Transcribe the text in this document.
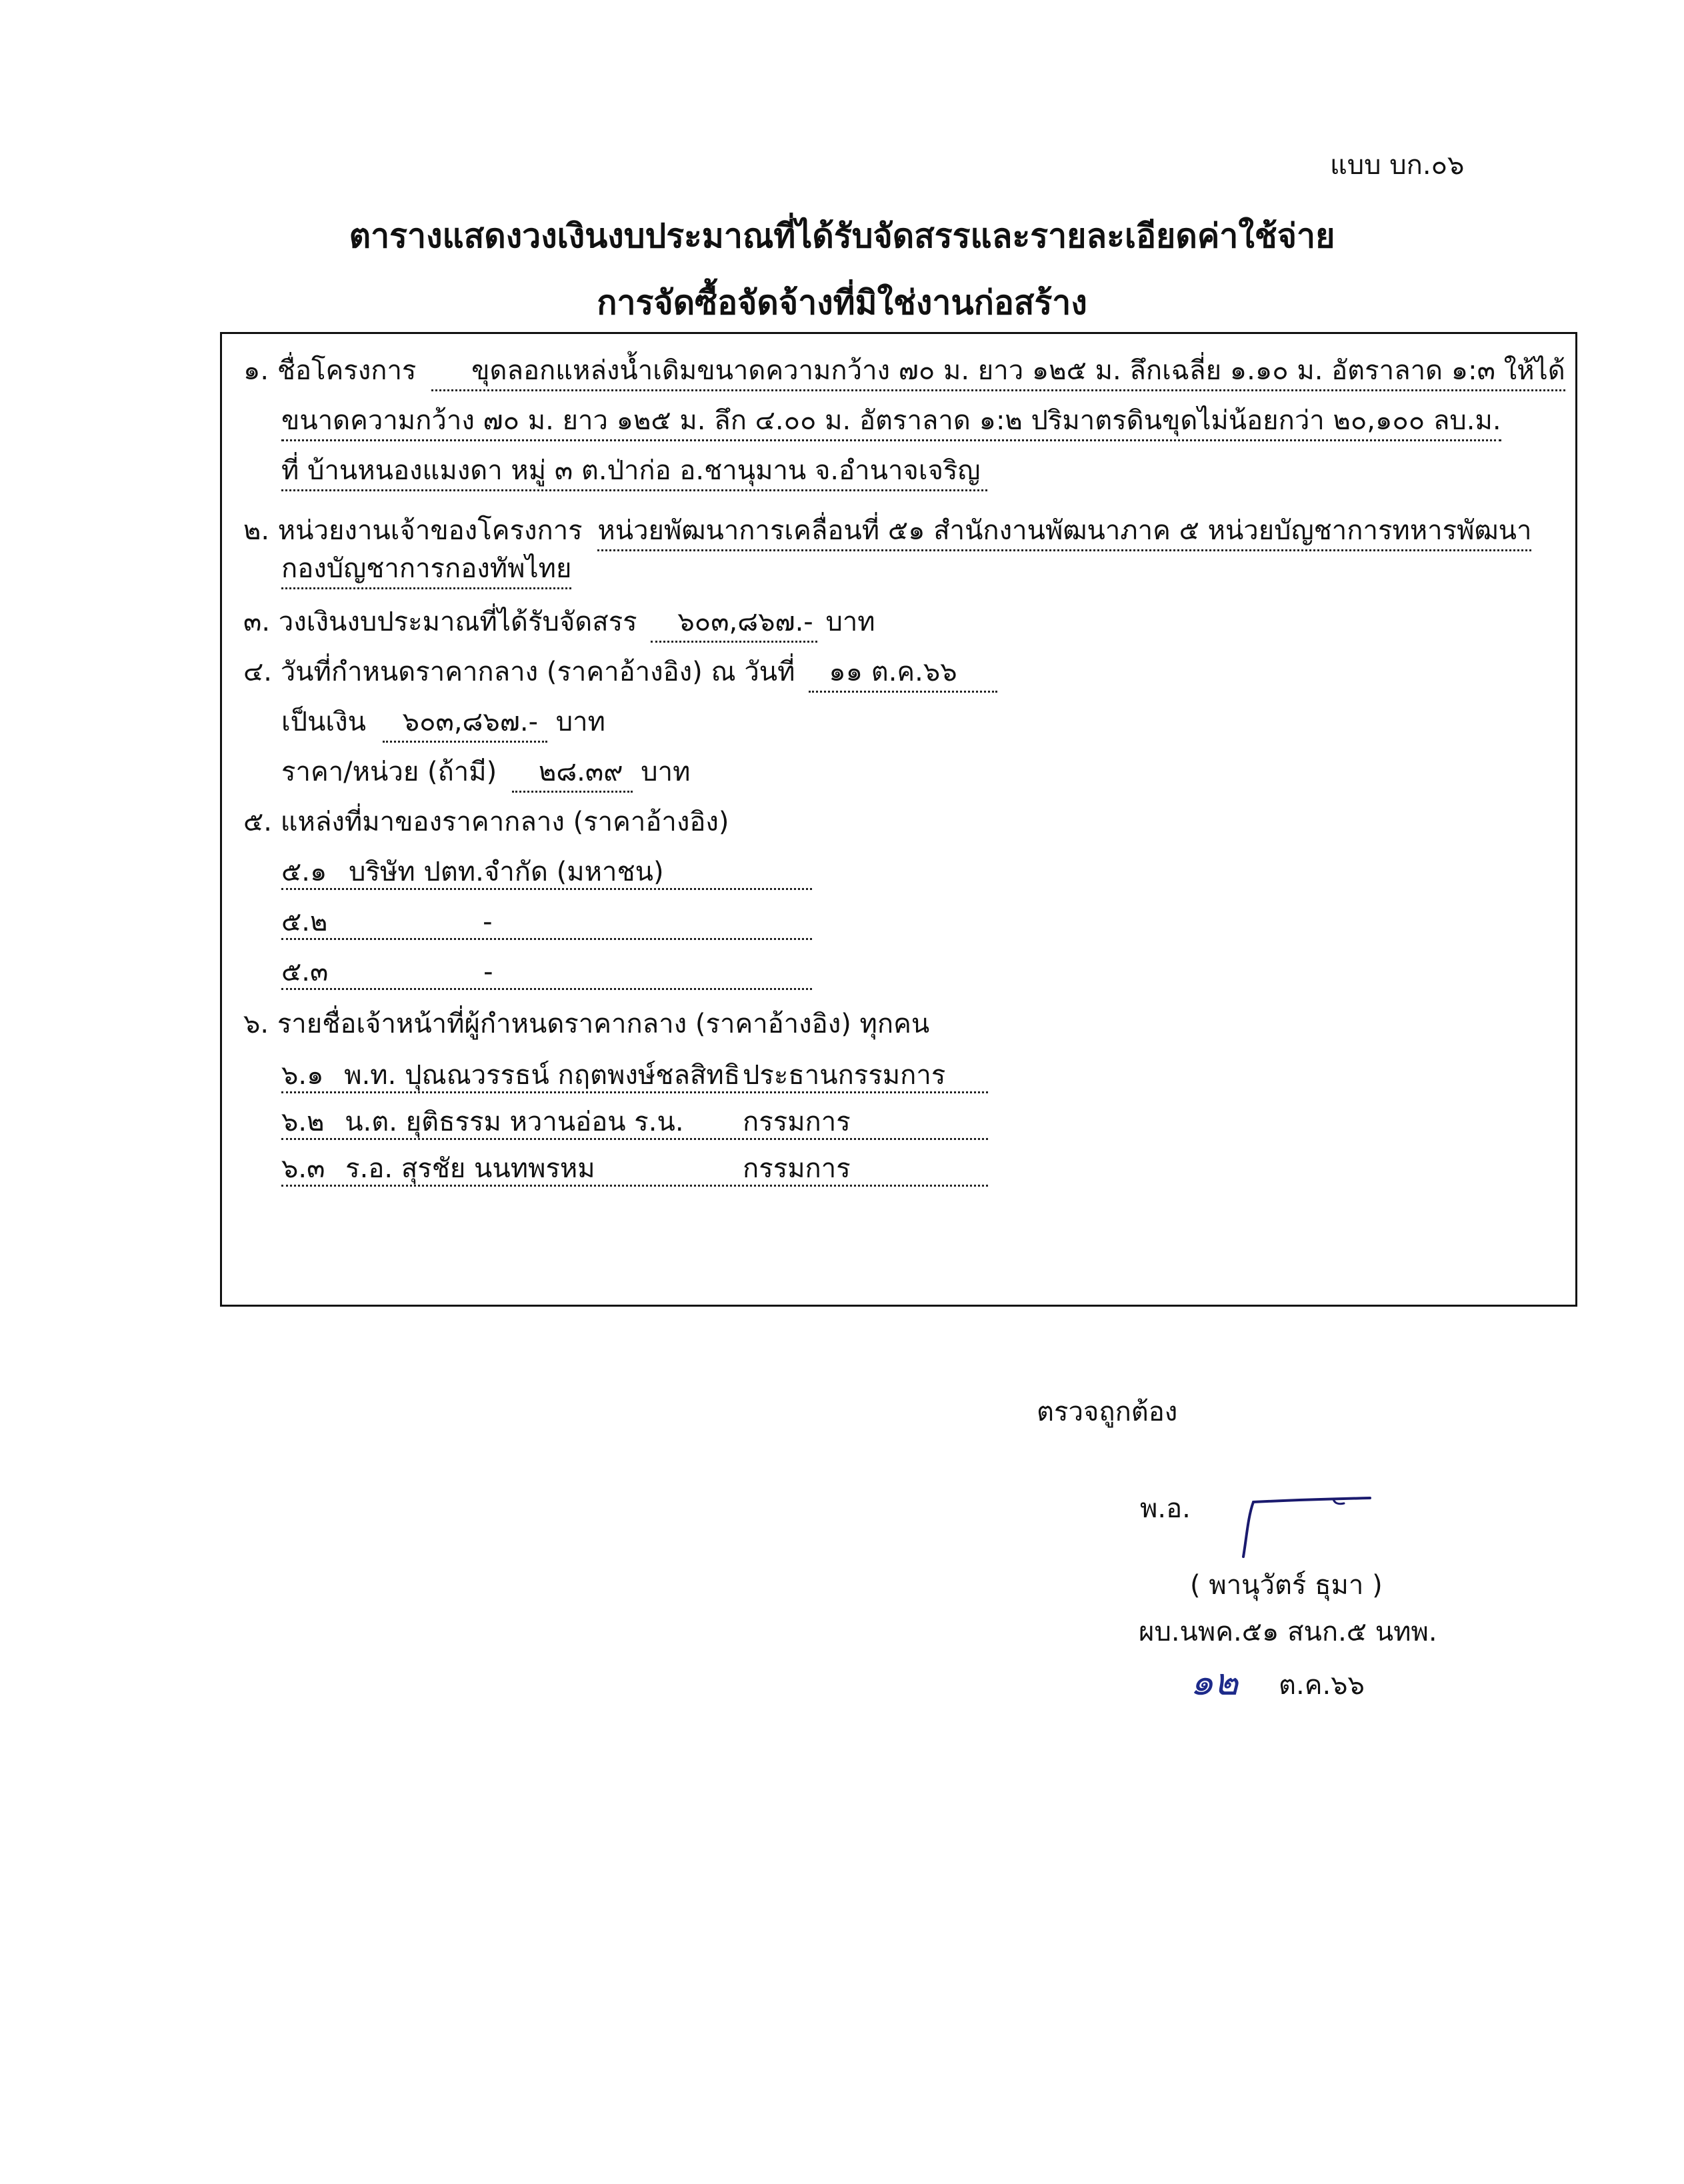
แบบ บก.๐๖
ตารางแสดงวงเงินงบประมาณที่ได้รับจัดสรรและรายละเอียดค่าใช้จ่าย
การจัดซื้อจัดจ้างที่มิใช่งานก่อสร้าง
๑. ชื่อโครงการ ขุดลอกแหล่งน้ำเดิมขนาดความกว้าง ๗๐ ม. ยาว ๑๒๕ ม. ลึกเฉลี่ย ๑.๑๐ ม. อัตราลาด ๑:๓ ให้ได้
ขนาดความกว้าง ๗๐ ม. ยาว ๑๒๕ ม. ลึก ๔.๐๐ ม. อัตราลาด ๑:๒ ปริมาตรดินขุดไม่น้อยกว่า ๒๐,๑๐๐ ลบ.ม.
ที่ บ้านหนองแมงดา หมู่ ๓ ต.ป่าก่อ อ.ชานุมาน จ.อำนาจเจริญ
๒. หน่วยงานเจ้าของโครงการ หน่วยพัฒนาการเคลื่อนที่ ๕๑ สำนักงานพัฒนาภาค ๕ หน่วยบัญชาการทหารพัฒนา
กองบัญชาการกองทัพไทย
๓. วงเงินงบประมาณที่ได้รับจัดสรร ๖๐๓,๘๖๗.- บาท
๔. วันที่กำหนดราคากลาง (ราคาอ้างอิง) ณ วันที่ ๑๑ ต.ค.๖๖
เป็นเงิน ๖๐๓,๘๖๗.- บาท
ราคา/หน่วย (ถ้ามี) ๒๘.๓๙ บาท
๕. แหล่งที่มาของราคากลาง (ราคาอ้างอิง)
๕.๑ บริษัท ปตท.จำกัด (มหาชน)
๕.๒	-
๕.๓	-
๖. รายชื่อเจ้าหน้าที่ผู้กำหนดราคากลาง (ราคาอ้างอิง) ทุกคน
๖.๑ พ.ท. ปุณณวรรธน์ กฤตพงษ์ชลสิทธิ ประธานกรรมการ
๖.๒ น.ต. ยุติธรรม หวานอ่อน ร.น. กรรมการ
๖.๓ ร.อ. สุรชัย นนทพรหม	กรรมการ
ตรวจถูกต้อง
พ.อ.
( พานุวัตร์ ธุมา )
ผบ.นพค.๕๑ สนก.๕ นทพ.
๑๒ ต.ค.๖๖
